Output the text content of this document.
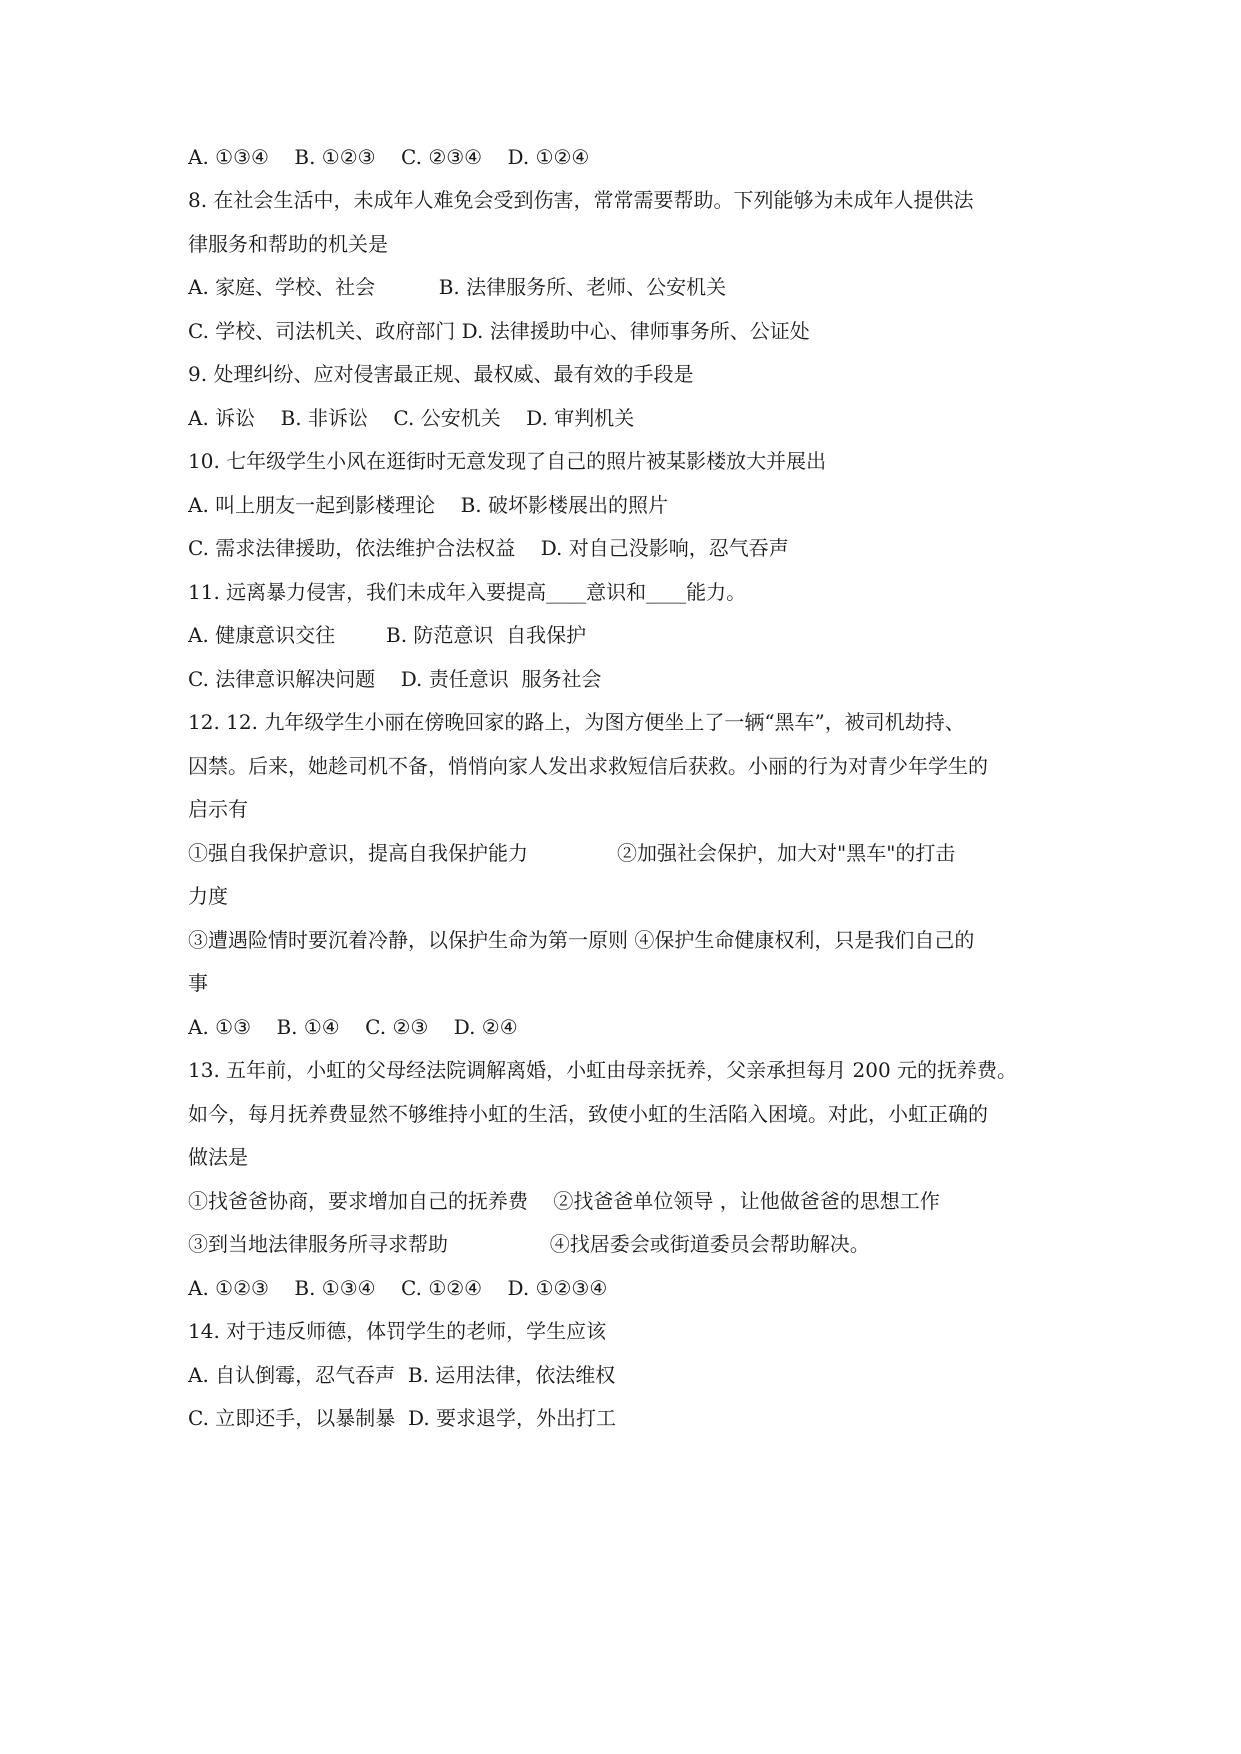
A. ①③④    B. ①②③    C. ②③④    D. ①②④
8. 在社会生活中，未成年人难免会受到伤害，常常需要帮助。下列能够为未成年人提供法
律服务和帮助的机关是
A. 家庭、学校、社会          B. 法律服务所、老师、公安机关
C. 学校、司法机关、政府部门 D. 法律援助中心、律师事务所、公证处
9. 处理纠纷、应对侵害最正规、最权威、最有效的手段是
A. 诉讼    B. 非诉讼    C. 公安机关    D. 审判机关
10. 七年级学生小风在逛街时无意发现了自己的照片被某影楼放大并展出
A. 叫上朋友一起到影楼理论    B. 破坏影楼展出的照片
C. 需求法律援助，依法维护合法权益    D. 对自己没影响，忍气吞声
11. 远离暴力侵害，我们未成年入要提高____意识和____能力。
A. 健康意识交往        B. 防范意识  自我保护
C. 法律意识解决问题    D. 责任意识  服务社会
12. 12. 九年级学生小丽在傍晚回家的路上，为图方便坐上了一辆“黑车”，被司机劫持、
囚禁。后来，她趁司机不备，悄悄向家人发出求救短信后获救。小丽的行为对青少年学生的
启示有
①强自我保护意识，提高自我保护能力              ②加强社会保护，加大对"黑车"的打击
力度
③遭遇险情时要沉着冷静，以保护生命为第一原则 ④保护生命健康权利，只是我们自己的
事
A. ①③    B. ①④    C. ②③    D. ②④
13. 五年前，小虹的父母经法院调解离婚，小虹由母亲抚养，父亲承担每月 200 元的抚养费。
如今，每月抚养费显然不够维持小虹的生活，致使小虹的生活陷入困境。对此，小虹正确的
做法是
①找爸爸协商，要求增加自己的抚养费    ②找爸爸单位领导 ，让他做爸爸的思想工作
③到当地法律服务所寻求帮助                ④找居委会或街道委员会帮助解决。
A. ①②③    B. ①③④    C. ①②④    D. ①②③④
14. 对于违反师德，体罚学生的老师，学生应该
A. 自认倒霉，忍气吞声  B. 运用法律，依法维权
C. 立即还手，以暴制暴  D. 要求退学，外出打工
